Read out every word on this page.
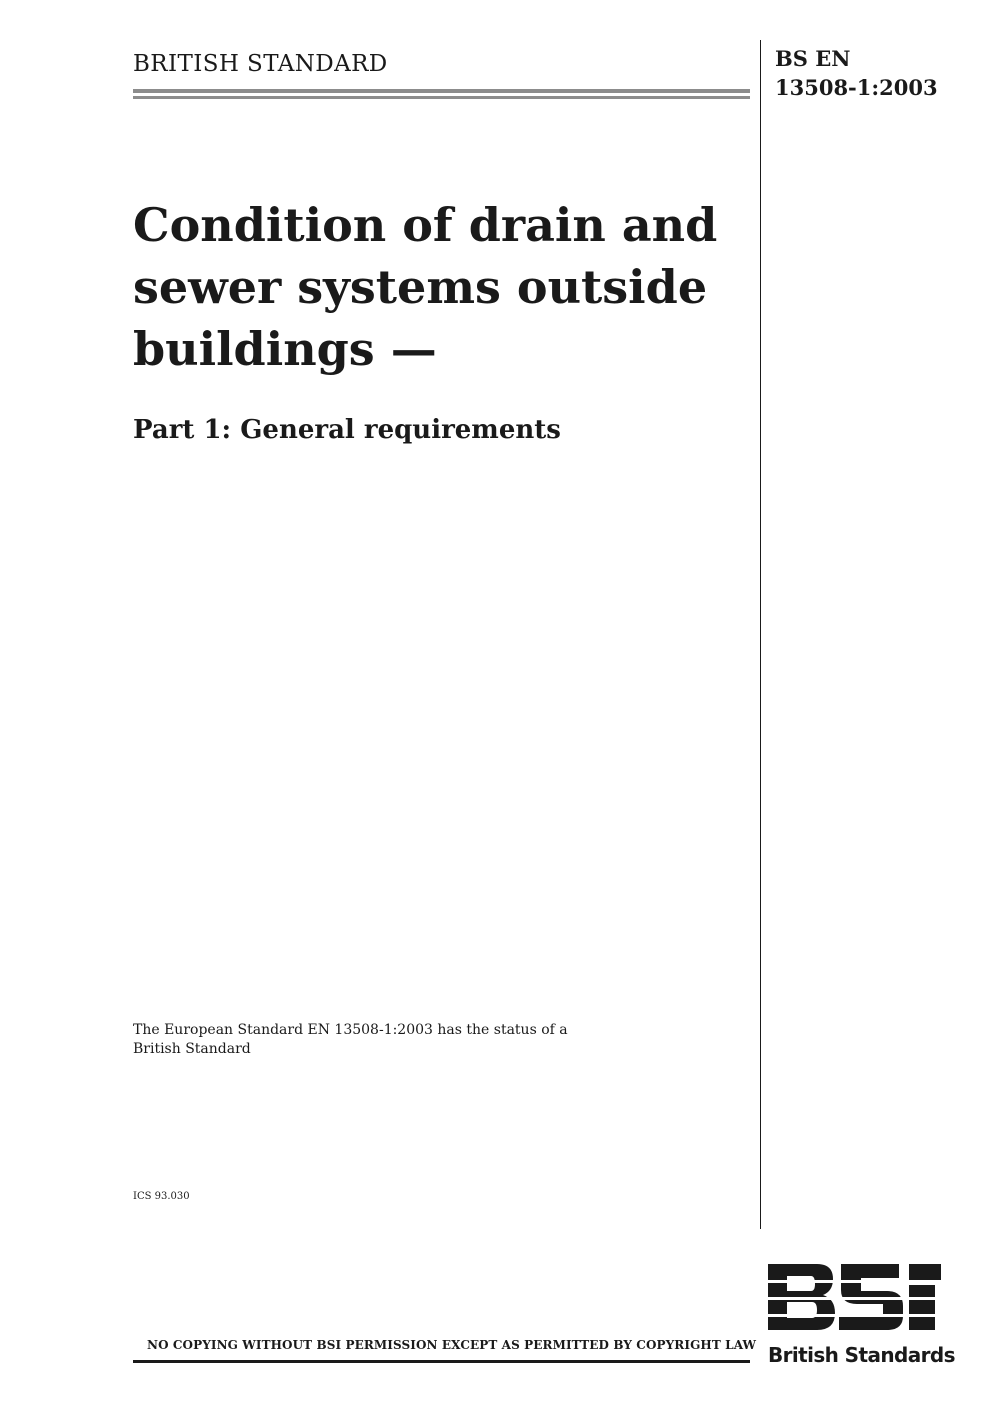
BRITISH STANDARD	BS EN
13508-1:2003
Condition of drain and
sewer systems outside
buildings —
Part 1: General requirements
The European Standard EN 13508-1:2003 has the status of a
British Standard
ICS 93.030
NO COPYING WITHOUT BSI PERMISSION EXCEPT AS PERMITTED BY COPYRIGHT LAW British Standards
